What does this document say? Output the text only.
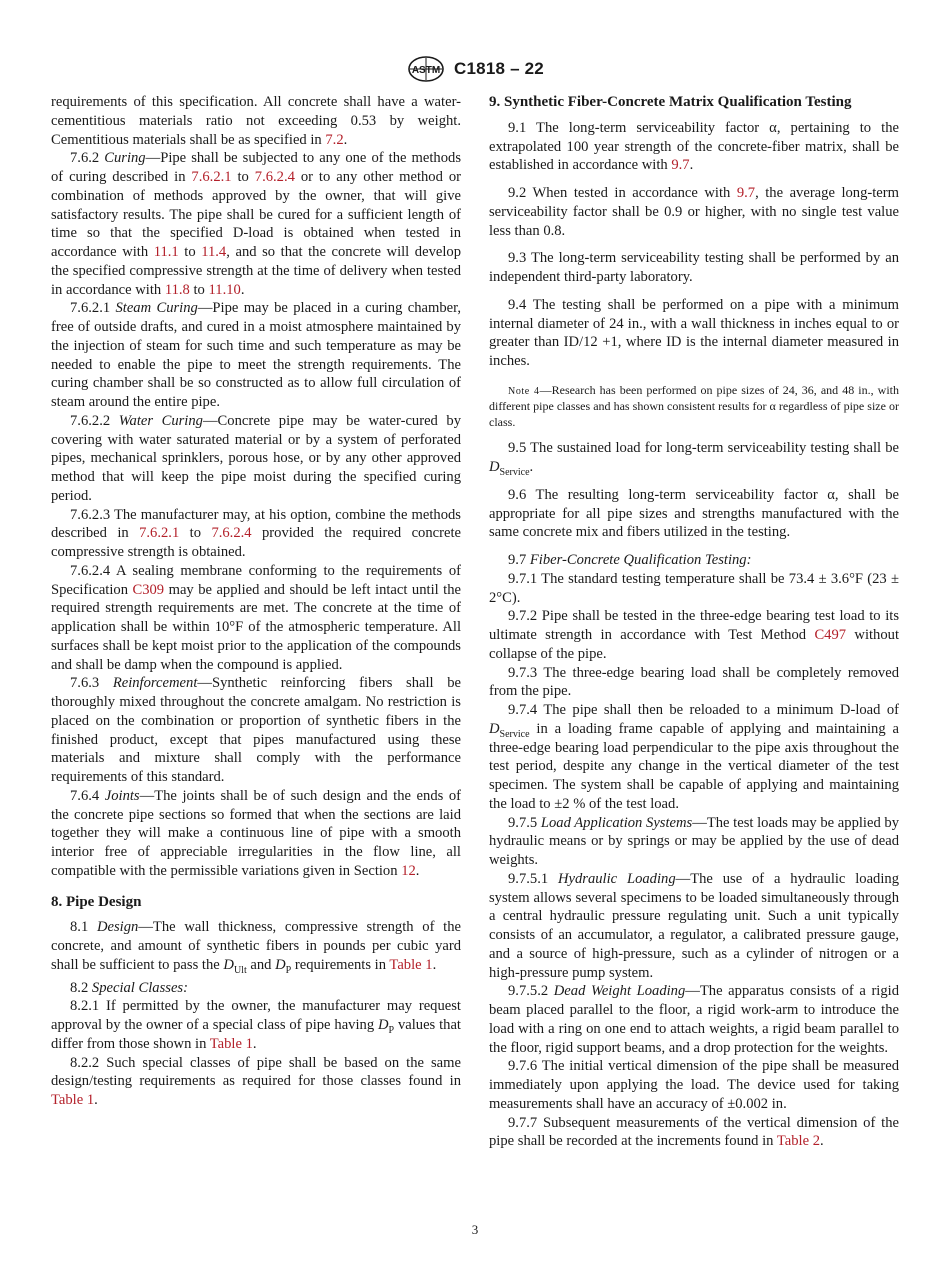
ASTM C1818 – 22

requirements of this specification. All concrete shall have a water-cementitious materials ratio not exceeding 0.53 by weight. Cementitious materials shall be as specified in 7.2.

7.6.2 Curing—Pipe shall be subjected to any one of the methods of curing described in 7.6.2.1 to 7.6.2.4 or to any other method or combination of methods approved by the owner, that will give satisfactory results. The pipe shall be cured for a sufficient length of time so that the specified D-load is obtained when tested in accordance with 11.1 to 11.4, and so that the concrete will develop the specified compressive strength at the time of delivery when tested in accordance with 11.8 to 11.10.

7.6.2.1 Steam Curing—Pipe may be placed in a curing chamber, free of outside drafts, and cured in a moist atmosphere maintained by the injection of steam for such time and such temperature as may be needed to enable the pipe to meet the strength requirements. The curing chamber shall be so constructed as to allow full circulation of steam around the entire pipe.

7.6.2.2 Water Curing—Concrete pipe may be water-cured by covering with water saturated material or by a system of perforated pipes, mechanical sprinklers, porous hose, or by any other approved method that will keep the pipe moist during the specified curing period.

7.6.2.3 The manufacturer may, at his option, combine the methods described in 7.6.2.1 to 7.6.2.4 provided the required concrete compressive strength is obtained.

7.6.2.4 A sealing membrane conforming to the requirements of Specification C309 may be applied and should be left intact until the required strength requirements are met. The concrete at the time of application shall be within 10°F of the atmospheric temperature. All surfaces shall be kept moist prior to the application of the compounds and shall be damp when the compound is applied.

7.6.3 Reinforcement—Synthetic reinforcing fibers shall be thoroughly mixed throughout the concrete amalgam. No restriction is placed on the combination or proportion of synthetic fibers in the finished product, except that pipes manufactured using these materials and mixture shall comply with the performance requirements of this standard.

7.6.4 Joints—The joints shall be of such design and the ends of the concrete pipe sections so formed that when the sections are laid together they will make a continuous line of pipe with a smooth interior free of appreciable irregularities in the flow line, all compatible with the permissible variations given in Section 12.

8. Pipe Design

8.1 Design—The wall thickness, compressive strength of the concrete, and amount of synthetic fibers in pounds per cubic yard shall be sufficient to pass the $D_{Ult}$ and $D_P$ requirements in Table 1.

8.2 Special Classes:

8.2.1 If permitted by the owner, the manufacturer may request approval by the owner of a special class of pipe having $D_P$ values that differ from those shown in Table 1.

8.2.2 Such special classes of pipe shall be based on the same design/testing requirements as required for those classes found in Table 1.

9. Synthetic Fiber-Concrete Matrix Qualification Testing

9.1 The long-term serviceability factor α, pertaining to the extrapolated 100 year strength of the concrete-fiber matrix, shall be established in accordance with 9.7.

9.2 When tested in accordance with 9.7, the average long-term serviceability factor shall be 0.9 or higher, with no single test value less than 0.8.

9.3 The long-term serviceability testing shall be performed by an independent third-party laboratory.

9.4 The testing shall be performed on a pipe with a minimum internal diameter of 24 in., with a wall thickness in inches equal to or greater than ID/12 +1, where ID is the internal diameter measured in inches.

Note 4—Research has been performed on pipe sizes of 24, 36, and 48 in., with different pipe classes and has shown consistent results for α regardless of pipe size or class.

9.5 The sustained load for long-term serviceability testing shall be $D_{Service}$.

9.6 The resulting long-term serviceability factor α, shall be appropriate for all pipe sizes and strengths manufactured with the same concrete mix and fibers utilized in the testing.

9.7 Fiber-Concrete Qualification Testing:

9.7.1 The standard testing temperature shall be 73.4 ± 3.6°F (23 ± 2°C).

9.7.2 Pipe shall be tested in the three-edge bearing test load to its ultimate strength in accordance with Test Method C497 without collapse of the pipe.

9.7.3 The three-edge bearing load shall be completely removed from the pipe.

9.7.4 The pipe shall then be reloaded to a minimum D-load of $D_{Service}$ in a loading frame capable of applying and maintaining a three-edge bearing load perpendicular to the pipe axis throughout the test period, despite any change in the vertical diameter of the test specimen. The system shall be capable of applying and maintaining the load to ±2 % of the test load.

9.7.5 Load Application Systems—The test loads may be applied by hydraulic means or by springs or may be applied by the use of dead weights.

9.7.5.1 Hydraulic Loading—The use of a hydraulic loading system allows several specimens to be loaded simultaneously through a central hydraulic pressure regulating unit. Such a unit typically consists of an accumulator, a regulator, a calibrated pressure gauge, and a source of high-pressure, such as a cylinder of nitrogen or a high-pressure pump system.

9.7.5.2 Dead Weight Loading—The apparatus consists of a rigid beam placed parallel to the floor, a rigid work-arm to introduce the load with a ring on one end to attach weights, a rigid beam parallel to the floor, rigid support beams, and a drop protection for the weights.

9.7.6 The initial vertical dimension of the pipe shall be measured immediately upon applying the load. The device used for taking measurements shall have an accuracy of ±0.002 in.

9.7.7 Subsequent measurements of the vertical dimension of the pipe shall be recorded at the increments found in Table 2.

3
